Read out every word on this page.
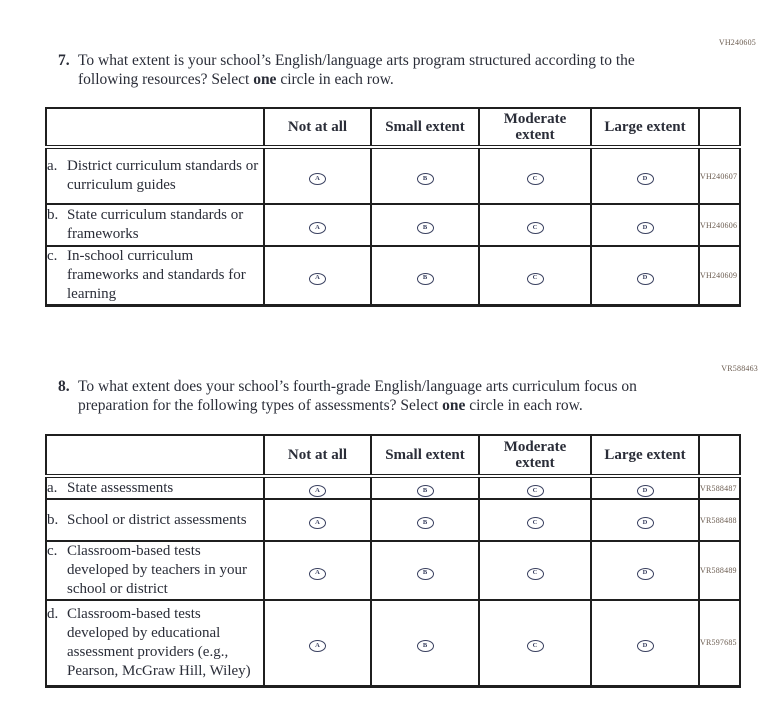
VH240605
7. To what extent is your school’s English/language arts program structured according to the following resources? Select one circle in each row.
	Not at all	Small extent	Moderate extent	Large extent	

a. District curriculum standards or curriculum guides	A	B	C	D	VH240607

b. State curriculum standards or frameworks	A	B	C	D	VH240606

c. In-school curriculum frameworks and standards for learning	A	B	C	D	VH240609
VR588463
8. To what extent does your school’s fourth-grade English/language arts curriculum focus on preparation for the following types of assessments? Select one circle in each row.
	Not at all	Small extent	Moderate extent	Large extent	

a. State assessments	A	B	C	D	VR588487

b. School or district assessments	A	B	C	D	VR588488

c. Classroom-based tests developed by teachers in your school or district	A	B	C	D	VR588489

d. Classroom-based tests developed by educational assessment providers (e.g., Pearson, McGraw Hill, Wiley)	A	B	C	D	VR597685
